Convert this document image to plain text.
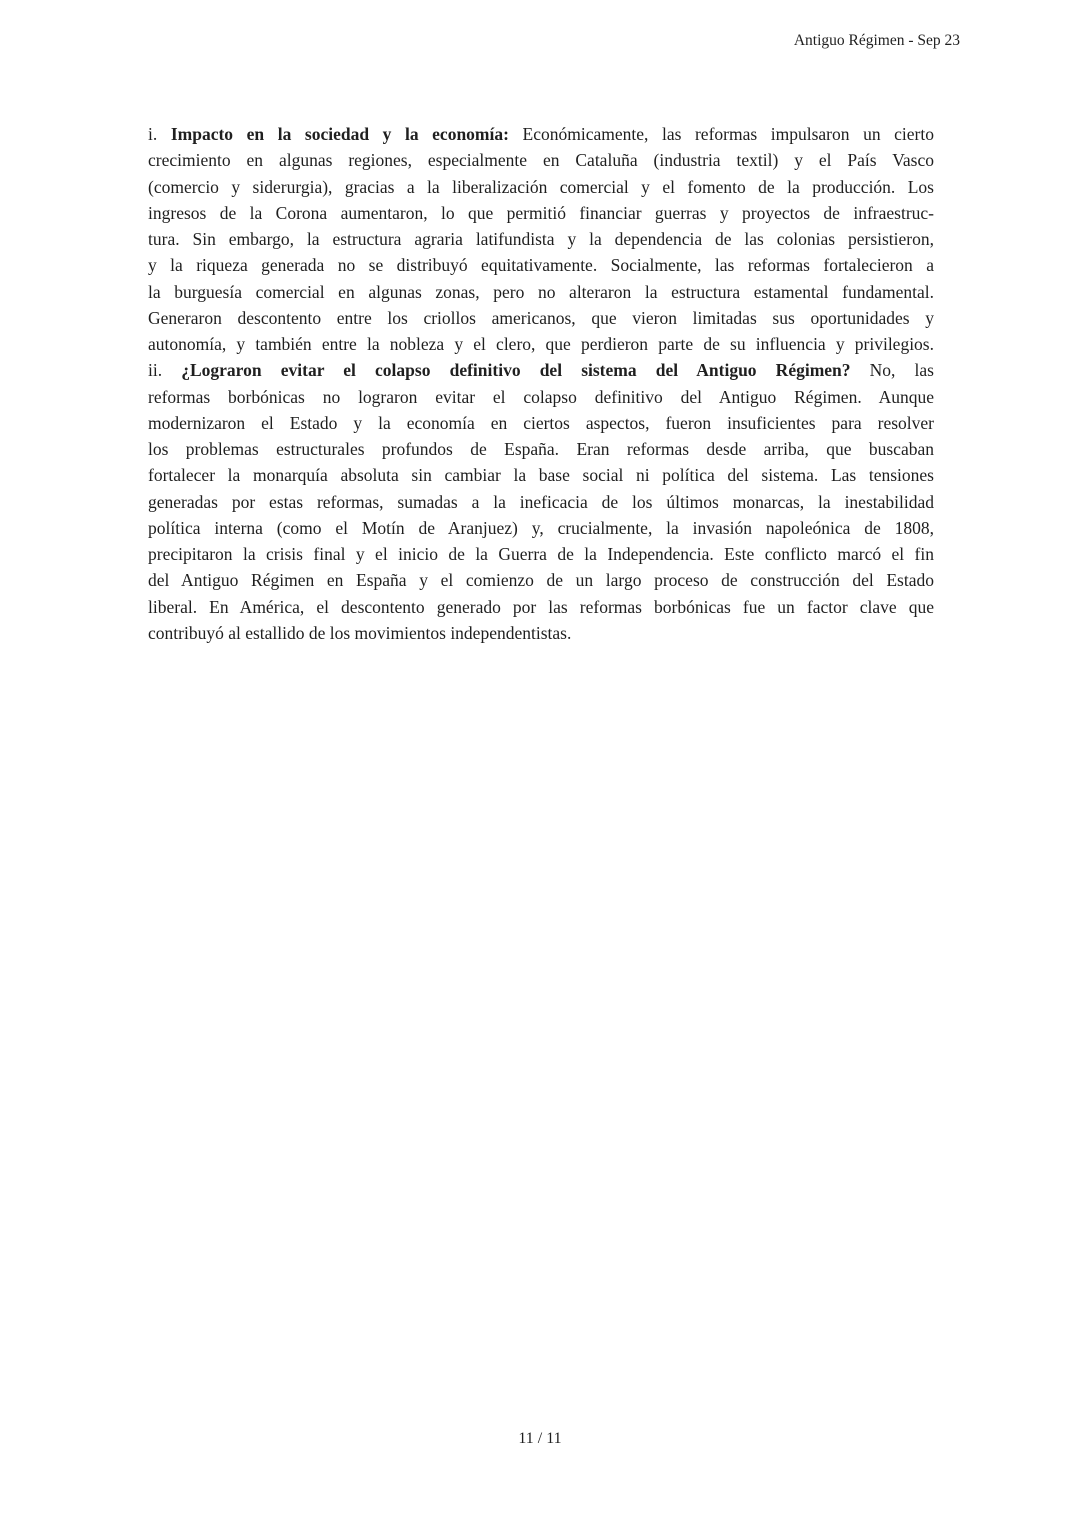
Antiguo Régimen - Sep 23
i. Impacto en la sociedad y la economía: Económicamente, las reformas impulsaron un cierto
crecimiento en algunas regiones, especialmente en Cataluña (industria textil) y el País Vasco
(comercio y siderurgia), gracias a la liberalización comercial y el fomento de la producción. Los
ingresos de la Corona aumentaron, lo que permitió financiar guerras y proyectos de infraestruc-
tura. Sin embargo, la estructura agraria latifundista y la dependencia de las colonias persistieron,
y la riqueza generada no se distribuyó equitativamente. Socialmente, las reformas fortalecieron a
la burguesía comercial en algunas zonas, pero no alteraron la estructura estamental fundamental.
Generaron descontento entre los criollos americanos, que vieron limitadas sus oportunidades y
autonomía, y también entre la nobleza y el clero, que perdieron parte de su influencia y privilegios.
ii. ¿Lograron evitar el colapso definitivo del sistema del Antiguo Régimen? No, las
reformas borbónicas no lograron evitar el colapso definitivo del Antiguo Régimen. Aunque
modernizaron el Estado y la economía en ciertos aspectos, fueron insuficientes para resolver
los problemas estructurales profundos de España. Eran reformas desde arriba, que buscaban
fortalecer la monarquía absoluta sin cambiar la base social ni política del sistema. Las tensiones
generadas por estas reformas, sumadas a la ineficacia de los últimos monarcas, la inestabilidad
política interna (como el Motín de Aranjuez) y, crucialmente, la invasión napoleónica de 1808,
precipitaron la crisis final y el inicio de la Guerra de la Independencia. Este conflicto marcó el fin
del Antiguo Régimen en España y el comienzo de un largo proceso de construcción del Estado
liberal. En América, el descontento generado por las reformas borbónicas fue un factor clave que
contribuyó al estallido de los movimientos independentistas.
11 / 11
